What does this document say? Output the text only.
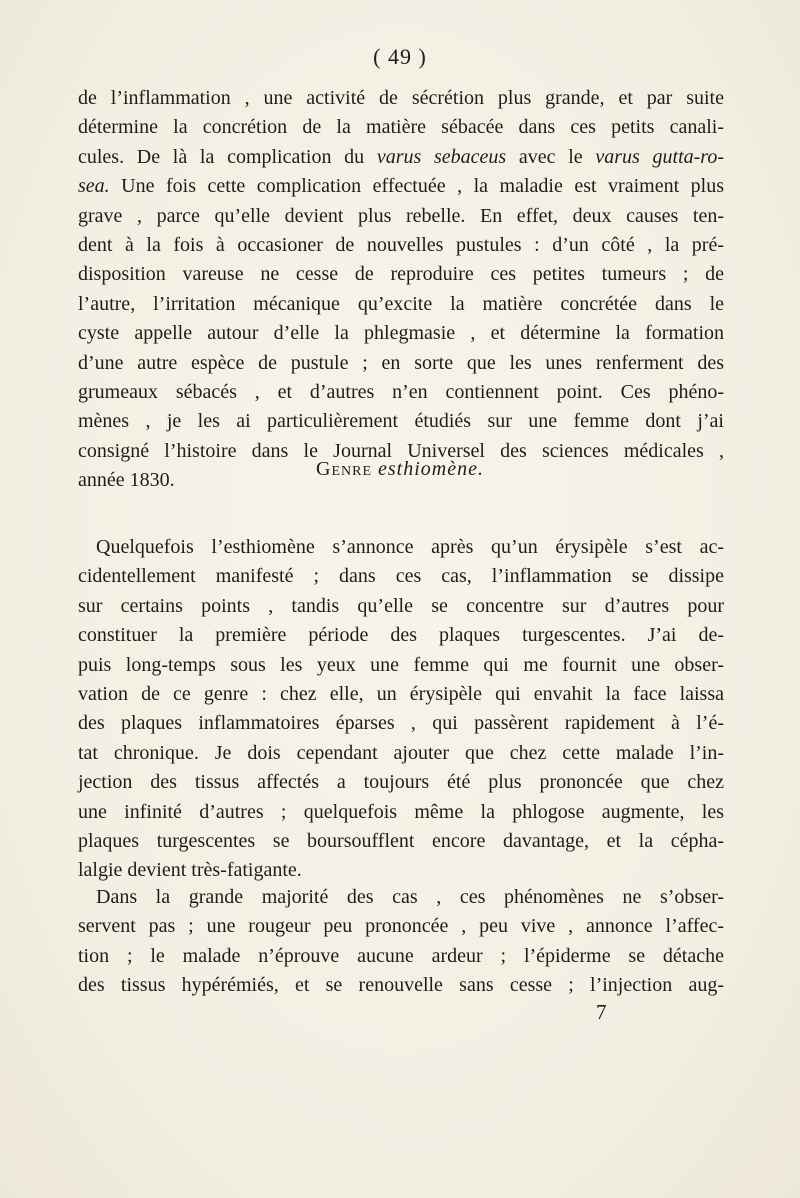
( 49 )
de l’inflammation , une activité de sécrétion plus grande, et par suite
détermine la concrétion de la matière sébacée dans ces petits canali-
cules. De là la complication du varus sebaceus avec le varus gutta-ro-
sea. Une fois cette complication effectuée , la maladie est vraiment plus
grave , parce qu’elle devient plus rebelle. En effet, deux causes ten-
dent à la fois à occasioner de nouvelles pustules : d’un côté , la pré-
disposition vareuse ne cesse de reproduire ces petites tumeurs ; de
l’autre, l’irritation mécanique qu’excite la matière concrétée dans le
cyste appelle autour d’elle la phlegmasie , et détermine la formation
d’une autre espèce de pustule ; en sorte que les unes renferment des
grumeaux sébacés , et d’autres n’en contiennent point. Ces phéno-
mènes , je les ai particulièrement étudiés sur une femme dont j’ai
consigné l’histoire dans le Journal Universel des sciences médicales ,
année 1830.
Genre esthiomène.
Quelquefois l’esthiomène s’annonce après qu’un érysipèle s’est ac-
cidentellement manifesté ; dans ces cas, l’inflammation se dissipe
sur certains points , tandis qu’elle se concentre sur d’autres pour
constituer la première période des plaques turgescentes. J’ai de-
puis long-temps sous les yeux une femme qui me fournit une obser-
vation de ce genre : chez elle, un érysipèle qui envahit la face laissa
des plaques inflammatoires éparses , qui passèrent rapidement à l’é-
tat chronique. Je dois cependant ajouter que chez cette malade l’in-
jection des tissus affectés a toujours été plus prononcée que chez
une infinité d’autres ; quelquefois même la phlogose augmente, les
plaques turgescentes se boursoufflent encore davantage, et la cépha-
lalgie devient très-fatigante.
Dans la grande majorité des cas , ces phénomènes ne s’obser-
servent pas ; une rougeur peu prononcée , peu vive , annonce l’affec-
tion ; le malade n’éprouve aucune ardeur ; l’épiderme se détache
des tissus hypérémiés, et se renouvelle sans cesse ; l’injection aug-
7
